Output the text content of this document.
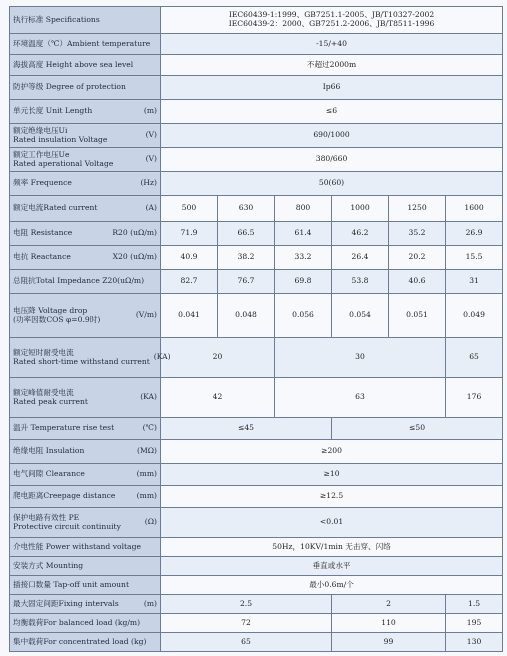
执行标准 Specifications	IEC60439-1:1999、GB7251.1-2005、JB/T10327-2002
IEC60439-2：2000、GB7251.2-2006、JB/T8511-1996					

环境温度（℃）Ambient temperature	-15/+40					
海拔高度 Height above sea level	不超过2000m					
防护等级 Degree of protection	Ip66					

单元长度 Unit Length (m)	≤6					

额定绝缘电压Ui
Rated insulation Voltage (V)	690/1000					

额定工作电压Ue
Rated aperational Voltage (V)	380/660					

频率 Frequence (Hz)	50(60)					

额定电流Rated current (A)	500	630	800	1000	1250	1600

电阻 Resistance R20 (uΩ/m)	71.9	66.5	61.4	46.2	35.2	26.9

电抗 Reactance X20 (uΩ/m)	40.9	38.2	33.2	26.4	20.2	15.5
总阻抗Total Impedance Z20(uΩ/m)	82.7	76.7	69.8	53.8	40.6	31

电压降 Voltage drop
(功率因数COS φ=0.9时) (V/m)	0.041	0.048	0.056	0.054	0.051	0.049

额定短时耐受电流
Rated short-time withstand current (KA)	20		30			65

额定峰值耐受电流
Rated peak current (KA)	42		63			176

温升 Temperature rise test (℃)	≤45			≤50		

绝缘电阻 Insulation (MΩ)	≥200					

电气间隙 Clearance (mm)	≥10					

爬电距离Creepage distance (mm)	≥12.5					

保护电路有效性 PE
Protective circuit continuity (Ω)	<0.01					
介电性能 Power withstand voltage	50Hz，10KV/1min 无击穿、闪络					
安装方式 Mounting	垂直或水平					
插接口数量 Tap-off unit amount	最小0.6m/个					

最大固定间距Fixing intervals (m)	2.5			2		1.5
均衡载荷For balanced load (kg/m)	72			110		195
集中载荷For concentrated load (kg)	65			99		130
